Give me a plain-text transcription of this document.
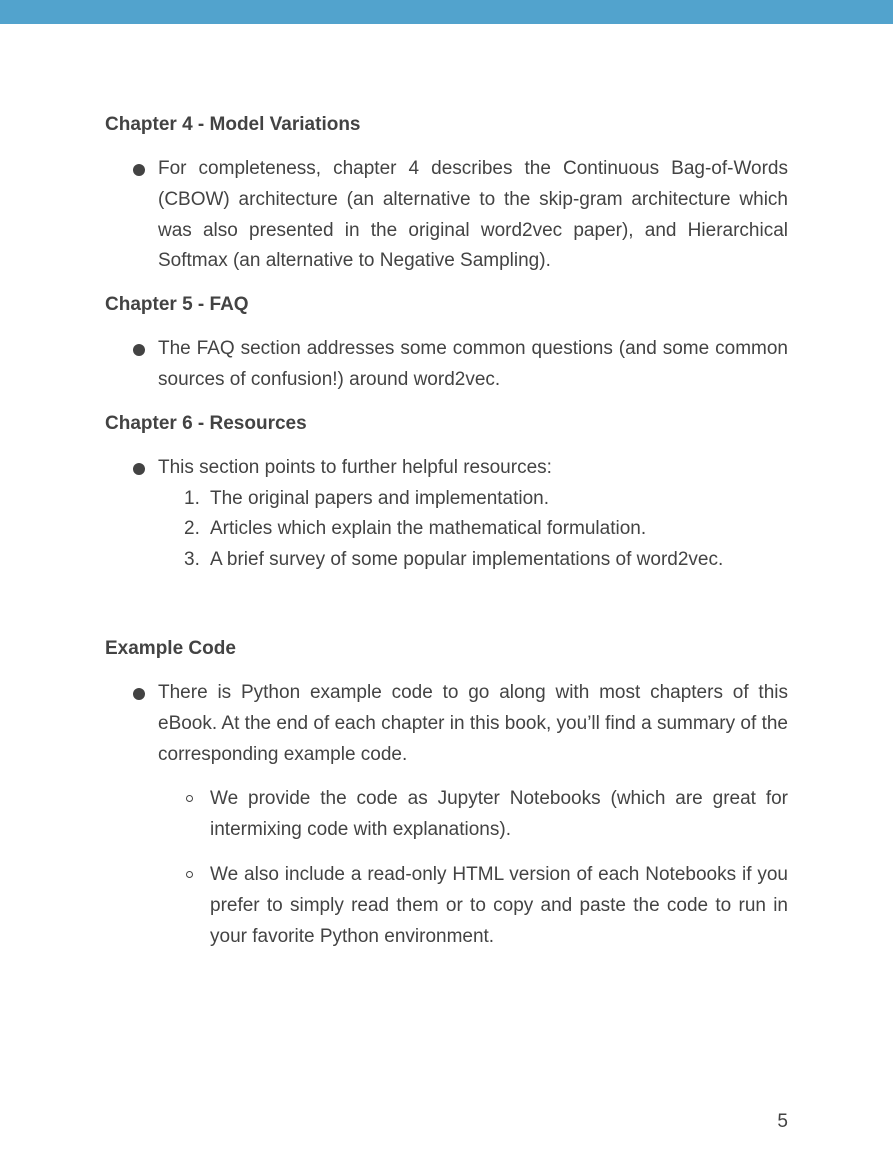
Chapter 4 - Model Variations

For completeness, chapter 4 describes the Continuous Bag-of-Words (CBOW) architecture (an alternative to the skip-gram architecture which was also presented in the original word2vec paper), and Hierarchical Softmax (an alternative to Negative Sampling).

Chapter 5 - FAQ

The FAQ section addresses some common questions (and some common sources of confusion!) around word2vec.

Chapter 6 - Resources

This section points to further helpful resources:
1. The original papers and implementation.
2. Articles which explain the mathematical formulation.
3. A brief survey of some popular implementations of word2vec.

Example Code

There is Python example code to go along with most chapters of this eBook. At the end of each chapter in this book, you’ll find a summary of the corresponding example code.
We provide the code as Jupyter Notebooks (which are great for intermixing code with explanations).
We also include a read-only HTML version of each Notebooks if you prefer to simply read them or to copy and paste the code to run in your favorite Python environment.
5
